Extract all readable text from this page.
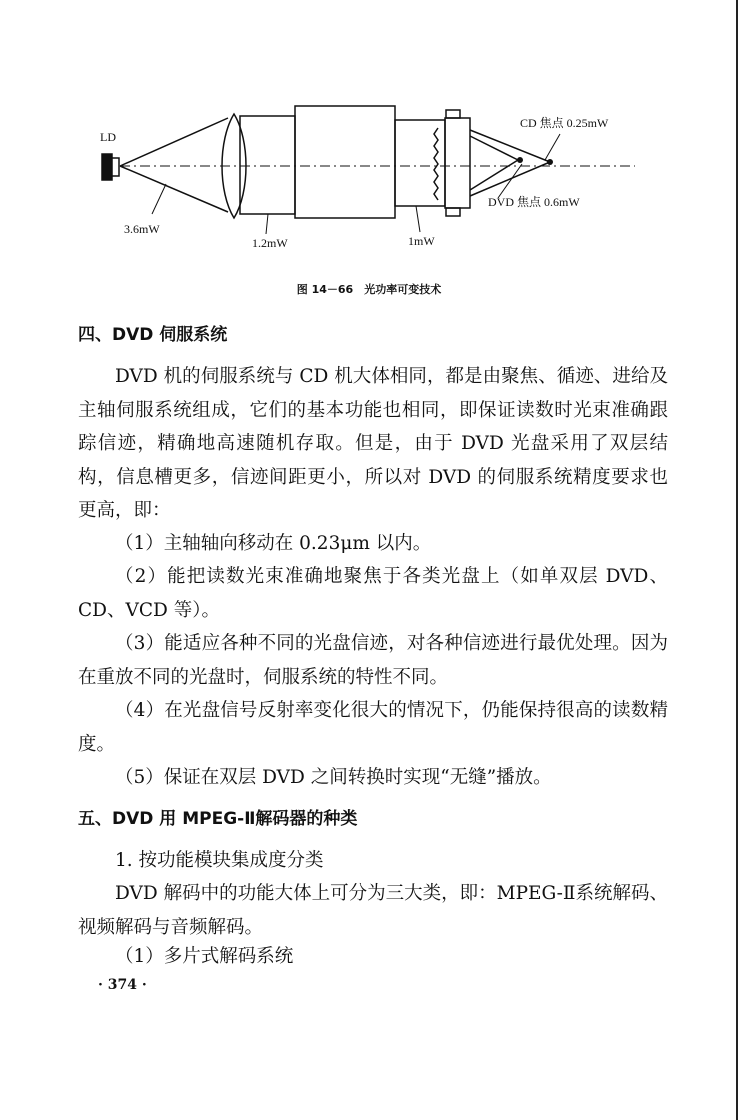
LD
CD 焦点 0.25mW
DVD 焦点 0.6mW
3.6mW
1.2mW	1mW
图 14－66　光功率可变技术
四、DVD 伺服系统
DVD 机的伺服系统与 CD 机大体相同，都是由聚焦、循迹、进给及主轴伺服系统组成，它们的基本功能也相同，即保证读数时光束准确跟踪信迹，精确地高速随机存取。但是，由于 DVD 光盘采用了双层结构，信息槽更多，信迹间距更小，所以对 DVD 的伺服系统精度要求也更高，即：
（1）主轴轴向移动在 0.23μm 以内。
（2）能把读数光束准确地聚焦于各类光盘上（如单双层 DVD、CD、VCD 等）。
（3）能适应各种不同的光盘信迹，对各种信迹进行最优处理。因为在重放不同的光盘时，伺服系统的特性不同。
（4）在光盘信号反射率变化很大的情况下，仍能保持很高的读数精度。
（5）保证在双层 DVD 之间转换时实现“无缝”播放。
五、DVD 用 MPEG-Ⅱ解码器的种类
1. 按功能模块集成度分类
DVD 解码中的功能大体上可分为三大类，即：MPEG-Ⅱ系统解码、视频解码与音频解码。
（1）多片式解码系统
· 374 ·
